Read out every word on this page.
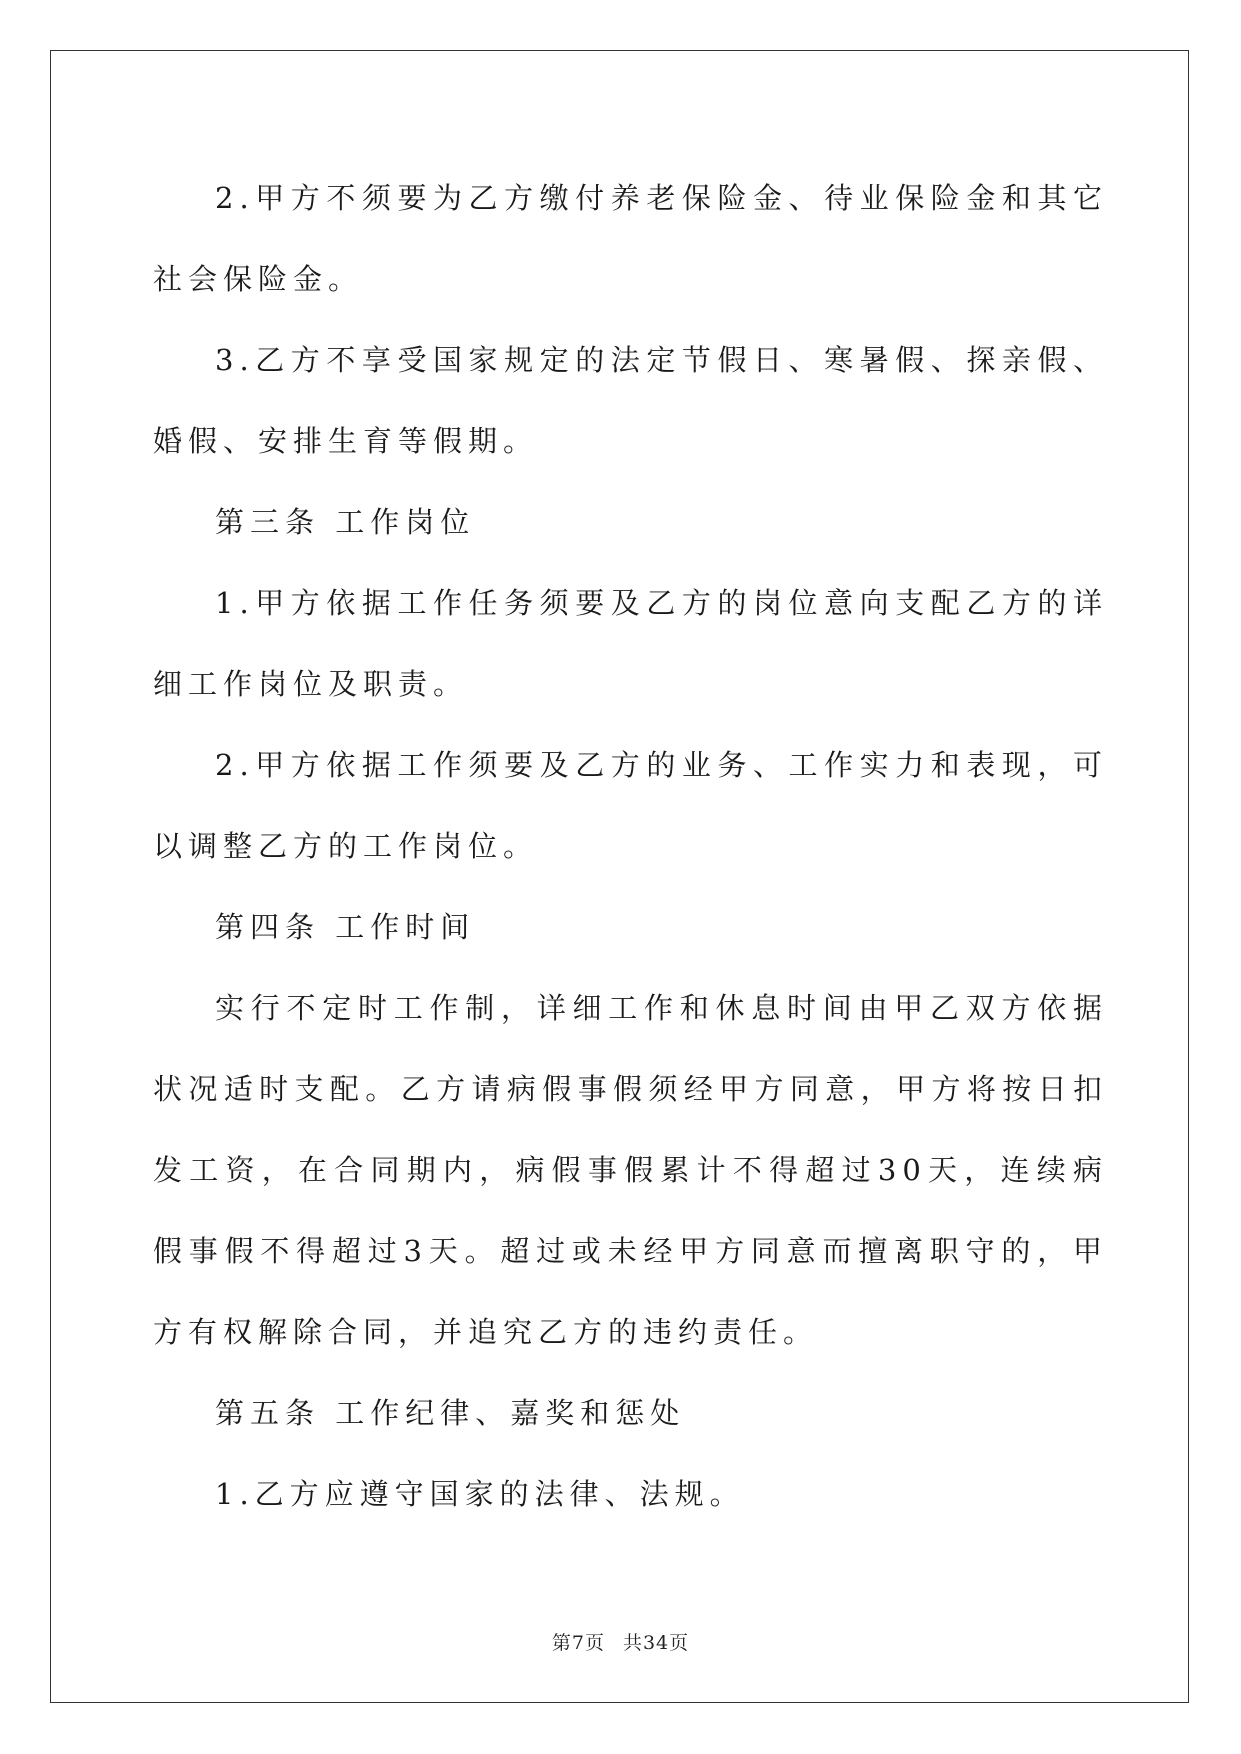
2.甲方不须要为乙方缴付养老保险金、待业保险金和其它社会保险金。

3.乙方不享受国家规定的法定节假日、寒暑假、探亲假、婚假、安排生育等假期。

第三条 工作岗位

1.甲方依据工作任务须要及乙方的岗位意向支配乙方的详细工作岗位及职责。

2.甲方依据工作须要及乙方的业务、工作实力和表现，可以调整乙方的工作岗位。

第四条 工作时间

实行不定时工作制，详细工作和休息时间由甲乙双方依据状况适时支配。乙方请病假事假须经甲方同意，甲方将按日扣发工资，在合同期内，病假事假累计不得超过30天，连续病假事假不得超过3天。超过或未经甲方同意而擅离职守的，甲方有权解除合同，并追究乙方的违约责任。

第五条 工作纪律、嘉奖和惩处

1.乙方应遵守国家的法律、法规。

第7页 共34页
